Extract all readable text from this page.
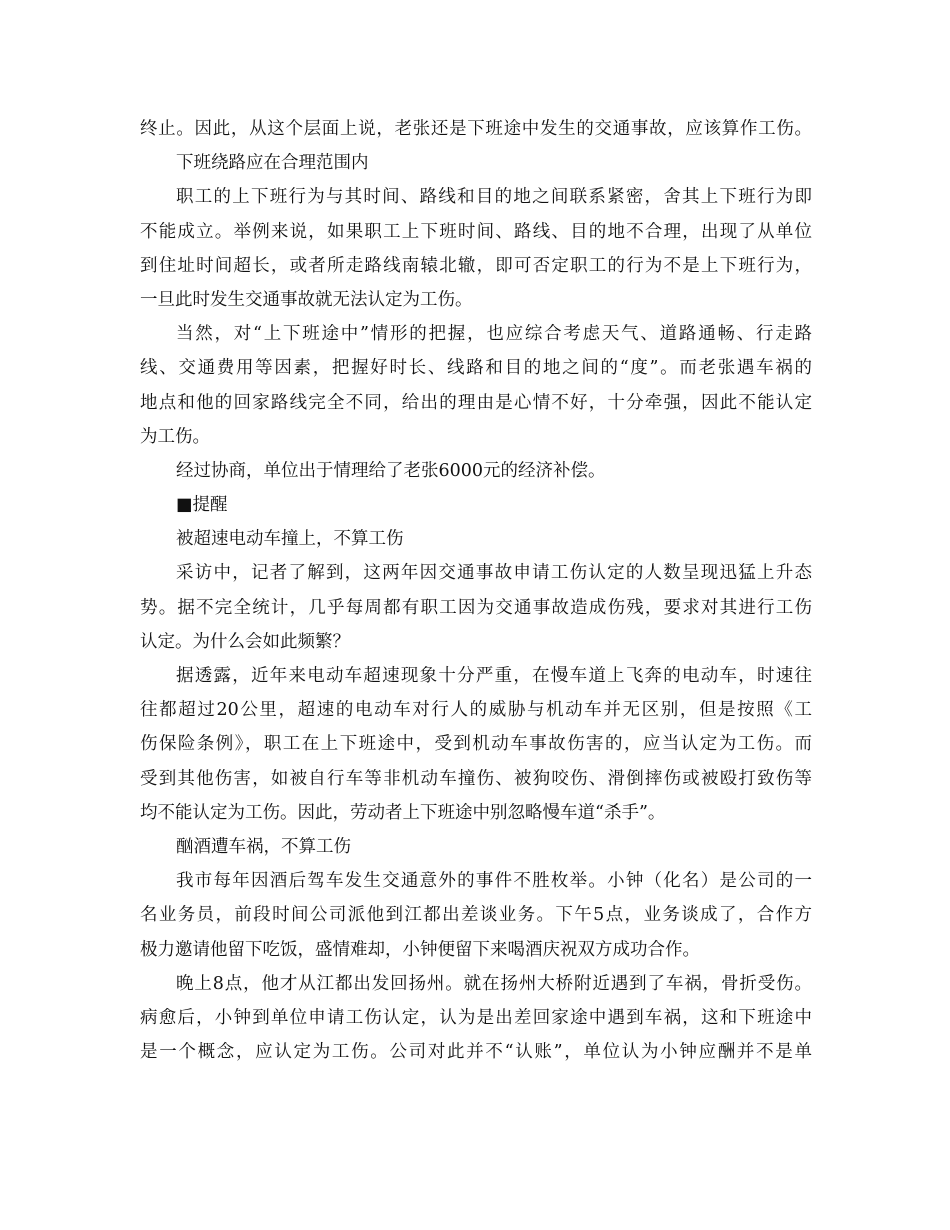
终止。因此，从这个层面上说，老张还是下班途中发生的交通事故，应该算作工伤。
下班绕路应在合理范围内
职工的上下班行为与其时间、路线和目的地之间联系紧密，舍其上下班行为即
不能成立。举例来说，如果职工上下班时间、路线、目的地不合理，出现了从单位
到住址时间超长，或者所走路线南辕北辙，即可否定职工的行为不是上下班行为，
一旦此时发生交通事故就无法认定为工伤。
当然，对“上下班途中”情形的把握，也应综合考虑天气、道路通畅、行走路
线、交通费用等因素，把握好时长、线路和目的地之间的“度”。而老张遇车祸的
地点和他的回家路线完全不同，给出的理由是心情不好，十分牵强，因此不能认定
为工伤。
经过协商，单位出于情理给了老张6000元的经济补偿。
■提醒
被超速电动车撞上，不算工伤
采访中，记者了解到，这两年因交通事故申请工伤认定的人数呈现迅猛上升态
势。据不完全统计，几乎每周都有职工因为交通事故造成伤残，要求对其进行工伤
认定。为什么会如此频繁？
据透露，近年来电动车超速现象十分严重，在慢车道上飞奔的电动车，时速往
往都超过20公里，超速的电动车对行人的威胁与机动车并无区别，但是按照《工
伤保险条例》，职工在上下班途中，受到机动车事故伤害的，应当认定为工伤。而
受到其他伤害，如被自行车等非机动车撞伤、被狗咬伤、滑倒摔伤或被殴打致伤等
均不能认定为工伤。因此，劳动者上下班途中别忽略慢车道“杀手”。
酗酒遭车祸，不算工伤
我市每年因酒后驾车发生交通意外的事件不胜枚举。小钟（化名）是公司的一
名业务员，前段时间公司派他到江都出差谈业务。下午5点，业务谈成了，合作方
极力邀请他留下吃饭，盛情难却，小钟便留下来喝酒庆祝双方成功合作。
晚上8点，他才从江都出发回扬州。就在扬州大桥附近遇到了车祸，骨折受伤。
病愈后，小钟到单位申请工伤认定，认为是出差回家途中遇到车祸，这和下班途中
是一个概念，应认定为工伤。公司对此并不“认账”，单位认为小钟应酬并不是单
